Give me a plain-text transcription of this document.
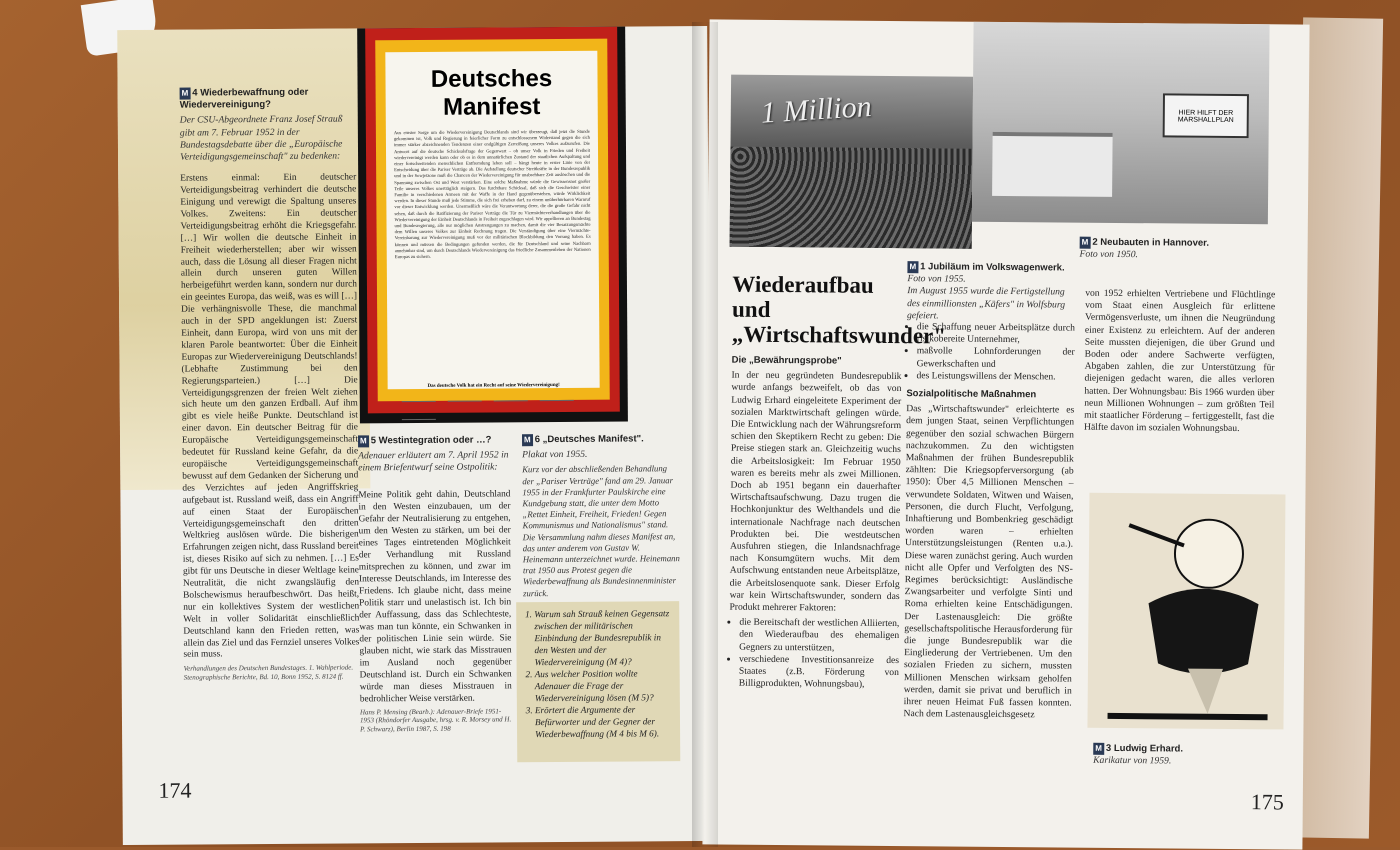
M 4 Wiederbewaffnung oder Wiedervereinigung?

Der CSU-Abgeordnete Franz Josef Strauß gibt am 7. Februar 1952 in der Bundestagsdebatte über die „Europäische Verteidigungsgemeinschaft" zu bedenken:

Erstens einmal: Ein deutscher Verteidigungsbeitrag verhindert die deutsche Einigung und verewigt die Spaltung unseres Volkes. Zweitens: Ein deutscher Verteidigungsbeitrag erhöht die Kriegsgefahr. […] Wir wollen die deutsche Einheit in Freiheit wiederherstellen; aber wir wissen auch, dass die Lösung all dieser Fragen nicht allein durch unseren guten Willen herbeigeführt werden kann, sondern nur durch ein geeintes Europa, das weiß, was es will […] Die verhängnisvolle These, die manchmal auch in der SPD angeklungen ist: Zuerst Einheit, dann Europa, wird von uns mit der klaren Parole beantwortet: Über die Einheit Europas zur Wiedervereinigung Deutschlands! (Lebhafte Zustimmung bei den Regierungsparteien.) […] Die Verteidigungsgrenzen der freien Welt ziehen sich heute um den ganzen Erdball. Auf ihm gibt es viele heiße Punkte. Deutschland ist einer davon. Ein deutscher Beitrag für die Europäische Verteidigungsgemeinschaft bedeutet für Russland keine Gefahr, da die europäische Verteidigungsgemeinschaft bewusst auf dem Gedanken der Sicherung und des Verzichtes auf jeden Angriffskrieg aufgebaut ist. Russland weiß, dass ein Angriff auf einen Staat der Europäischen Verteidigungsgemeinschaft den dritten Weltkrieg auslösen würde. Die bisherigen Erfahrungen zeigen nicht, dass Russland bereit ist, dieses Risiko auf sich zu nehmen. […] Es gibt für uns Deutsche in dieser Weltlage keine Neutralität, die nicht zwangsläufig den Bolschewismus heraufbeschwört. Das heißt, nur ein kollektives System der westlichen Welt in voller Solidarität einschließlich Deutschland kann den Frieden retten, was allein das Ziel und das Fernziel unseres Volkes sein muss.

Verhandlungen des Deutschen Bundestages. 1. Wahlperiode. Stenographische Berichte, Bd. 10, Bonn 1952, S. 8124 ff.

Deutsches Manifest
Aus ernster Sorge um die Wiedervereinigung Deutschlands sind wir überzeugt, daß jetzt die Stunde gekommen ist, Volk und Regierung in feierlicher Form zu entschlossenem Widerstand gegen die sich immer stärker abzeichnenden Tendenzen einer endgültigen Zerreißung unseres Volkes aufzurufen. Die Antwort auf die deutsche Schicksalsfrage der Gegenwart – ob unser Volk in Frieden und Freiheit wiedervereinigt werden kann oder ob es in dem unnatürlichen Zustand der staatlichen Aufspaltung und einer fortschreitenden menschlichen Entfremdung leben soll – hängt heute in erster Linie von der Entscheidung über die Pariser Verträge ab. Die Aufstellung deutscher Streitkräfte in der Bundesrepublik und in der Sowjetzone muß die Chancen der Wiedervereinigung für unabsehbare Zeit auslöschen und die Spannung zwischen Ost und West verstärken. Eine solche Maßnahme würde die Gewissensnot großer Teile unseres Volkes unerträglich steigern. Das furchtbare Schicksal, daß sich die Geschwister einer Familie in verschiedenen Armeen mit der Waffe in der Hand gegenüberstehen, würde Wirklichkeit werden. In dieser Stunde muß jede Stimme, die sich frei erheben darf, zu einem unüberhörbaren Warnruf vor dieser Entwicklung werden. Unermeßlich wäre die Verantwortung derer, die die große Gefahr nicht sehen, daß durch die Ratifizierung der Pariser Verträge die Tür zu Viermächteverhandlungen über die Wiedervereinigung der Einheit Deutschlands in Freiheit zugeschlagen wird. Wir appellieren an Bundestag und Bundesregierung, alle nur möglichen Anstrengungen zu machen, damit die vier Besatzungsmächte dem Willen unseres Volkes zur Einheit Rechnung tragen. Die Verständigung über eine Viermächte-Vereinbarung zur Wiedervereinigung muß vor der militärischen Blockbildung den Vorrang haben. Es können und müssen die Bedingungen gefunden werden, die für Deutschland und seine Nachbarn annehmbar sind, um durch Deutschlands Wiedervereinigung das friedliche Zusammenleben der Nationen Europas zu sichern.
Das deutsche Volk hat ein Recht auf seine Wiedervereinigung!

M 5 Westintegration oder …?

Adenauer erläutert am 7. April 1952 in einem Briefentwurf seine Ostpolitik:

Meine Politik geht dahin, Deutschland in den Westen einzubauen, um der Gefahr der Neutralisierung zu entgehen, um den Westen zu stärken, um bei der eines Tages eintretenden Möglichkeit der Verhandlung mit Russland mitsprechen zu können, und zwar im Interesse Deutschlands, im Interesse des Friedens. Ich glaube nicht, dass meine Politik starr und unelastisch ist. Ich bin der Auffassung, dass das Schlechteste, was man tun könnte, ein Schwanken in der politischen Linie sein würde. Sie glauben nicht, wie stark das Misstrauen im Ausland noch gegenüber Deutschland ist. Durch ein Schwanken würde man dieses Misstrauen in bedrohlicher Weise verstärken.

Hans P. Mensing (Bearb.): Adenauer-Briefe 1951-1953 (Rhöndorfer Ausgabe, hrsg. v. R. Morsey und H. P. Schwarz), Berlin 1987, S. 198

M 6 „Deutsches Manifest".

Plakat von 1955.

Kurz vor der abschließenden Behandlung der „Pariser Verträge" fand am 29. Januar 1955 in der Frankfurter Paulskirche eine Kundgebung statt, die unter dem Motto „Rettet Einheit, Freiheit, Frieden! Gegen Kommunismus und Nationalismus" stand. Die Versammlung nahm dieses Manifest an, das unter anderem von Gustav W. Heinemann unterzeichnet wurde. Heinemann trat 1950 aus Protest gegen die Wiederbewaffnung als Bundesinnenminister zurück.

1. Warum sah Strauß keinen Gegensatz zwischen der militärischen Einbindung der Bundesrepublik in den Westen und der Wiedervereinigung (M 4)?
2. Aus welcher Position wollte Adenauer die Frage der Wiedervereinigung lösen (M 5)?
3. Erörtert die Argumente der Befürworter und der Gegner der Wiederbewaffnung (M 4 bis M 6).
174
1 Million	HIER HILFT DER MARSHALLPLAN

M 2 Neubauten in Hannover.

Foto von 1950.

Wiederaufbau und „Wirtschaftswunder"

Die „Bewährungsprobe"

In der neu gegründeten Bundesrepublik wurde anfangs bezweifelt, ob das von Ludwig Erhard eingeleitete Experiment der sozialen Marktwirtschaft gelingen würde. Die Entwicklung nach der Währungsreform schien den Skeptikern Recht zu geben: Die Preise stiegen stark an. Gleichzeitig wuchs die Arbeitslosigkeit: Im Februar 1950 waren es bereits mehr als zwei Millionen. Doch ab 1951 begann ein dauerhafter Wirtschaftsaufschwung. Dazu trugen die Hochkonjunktur des Welthandels und die internationale Nachfrage nach deutschen Produkten bei. Die westdeutschen Ausfuhren stiegen, die Inlandsnachfrage nach Konsumgütern wuchs. Mit dem Aufschwung entstanden neue Arbeitsplätze, die Arbeitslosenquote sank. Dieser Erfolg war kein Wirtschaftswunder, sondern das Produkt mehrerer Faktoren:

• die Bereitschaft der westlichen Alliierten, den Wiederaufbau des ehemaligen Gegners zu unterstützen,
• verschiedene Investitionsanreize des Staates (z.B. Förderung von Billigprodukten, Wohnungsbau),

M 1 Jubiläum im Volkswagenwerk.

Foto von 1955.

Im August 1955 wurde die Fertigstellung des einmillionsten „Käfers" in Wolfsburg gefeiert.

• die Schaffung neuer Arbeitsplätze durch risikobereite Unternehmer,
• maßvolle Lohnforderungen der Gewerkschaften und
• des Leistungswillens der Menschen.

Sozialpolitische Maßnahmen

Das „Wirtschaftswunder" erleichterte es dem jungen Staat, seinen Verpflichtungen gegenüber den sozial schwachen Bürgern nachzukommen. Zu den wichtigsten Maßnahmen der frühen Bundesrepublik zählten: Die Kriegsopferversorgung (ab 1950): Über 4,5 Millionen Menschen – verwundete Soldaten, Witwen und Waisen, Personen, die durch Flucht, Verfolgung, Inhaftierung und Bombenkrieg geschädigt worden waren – erhielten Unterstützungsleistungen (Renten u.a.). Diese waren zunächst gering. Auch wurden nicht alle Opfer und Verfolgten des NS-Regimes berücksichtigt: Ausländische Zwangsarbeiter und verfolgte Sinti und Roma erhielten keine Entschädigungen. Der Lastenausgleich: Die größte gesellschaftspolitische Herausforderung für die junge Bundesrepublik war die Eingliederung der Vertriebenen. Um den sozialen Frieden zu sichern, mussten Millionen Menschen wirksam geholfen werden, damit sie privat und beruflich in ihrer neuen Heimat Fuß fassen konnten. Nach dem Lastenausgleichsgesetz

von 1952 erhielten Vertriebene und Flüchtlinge vom Staat einen Ausgleich für erlittene Vermögensverluste, um ihnen die Neugründung einer Existenz zu erleichtern. Auf der anderen Seite mussten diejenigen, die über Grund und Boden oder andere Sachwerte verfügten, Abgaben zahlen, die zur Unterstützung für diejenigen gedacht waren, die alles verloren hatten. Der Wohnungsbau: Bis 1966 wurden über neun Millionen Wohnungen – zum größten Teil mit staatlicher Förderung – fertiggestellt, fast die Hälfte davon im sozialen Wohnungsbau.

M 3 Ludwig Erhard.

Karikatur von 1959.

175
